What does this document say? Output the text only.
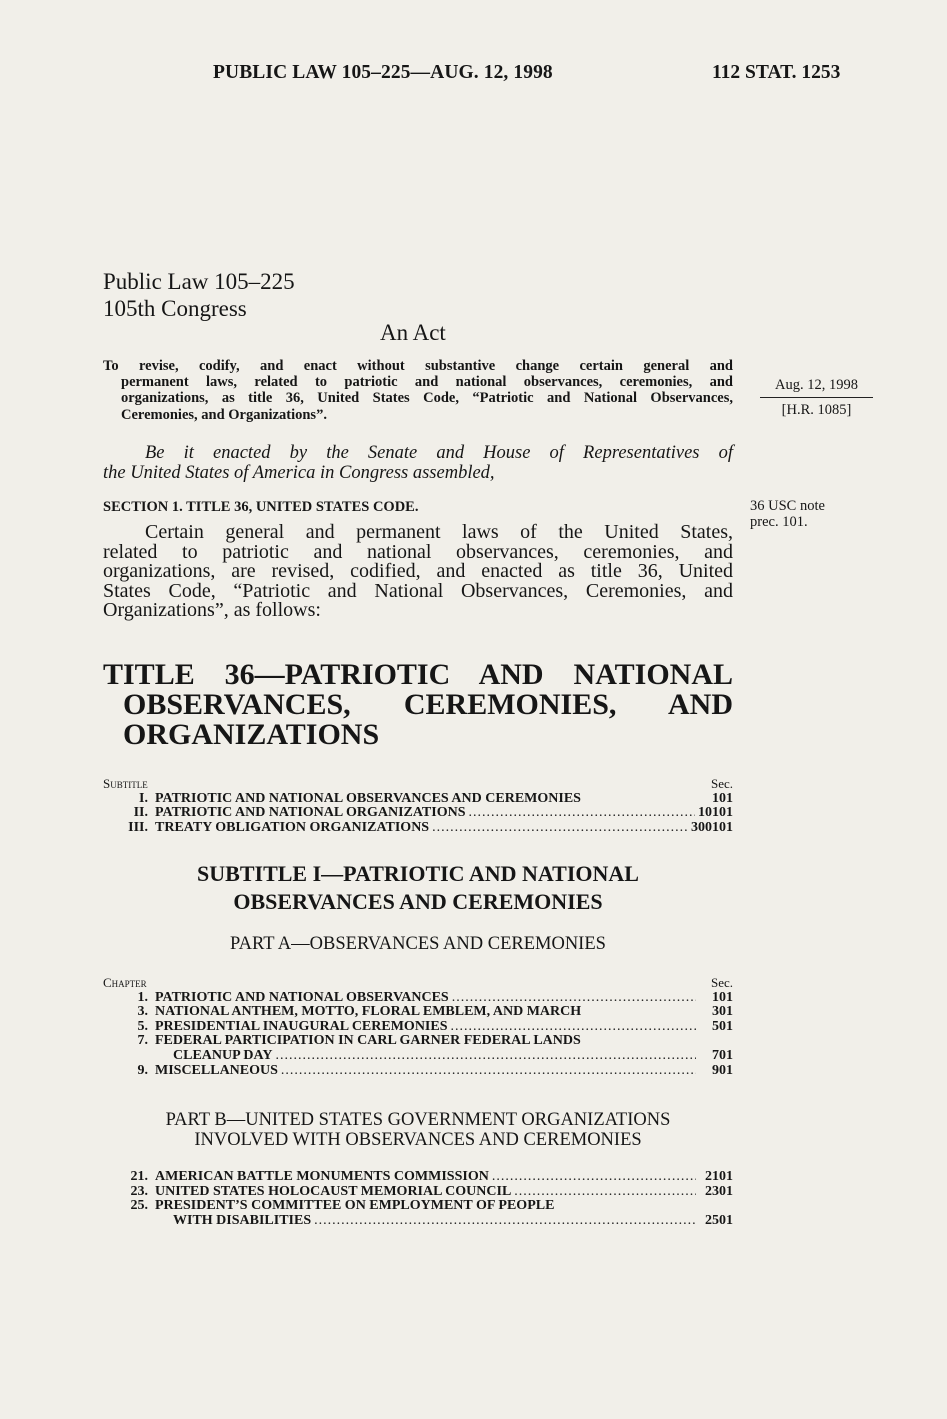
PUBLIC LAW 105–225—AUG. 12, 1998	112 STAT. 1253
Public Law 105–225
105th Congress
An Act
To revise, codify, and enact without substantive change certain general and
permanent laws, related to patriotic and national observances, ceremonies, and
organizations, as title 36, United States Code, “Patriotic and National Observances,
Ceremonies, and Organizations”.
Aug. 12, 1998
[H.R. 1085]
Be it enacted by the Senate and House of Representatives of
the United States of America in Congress assembled,
SECTION 1. TITLE 36, UNITED STATES CODE.	36 USC note
prec. 101.
Certain general and permanent laws of the United States,
related to patriotic and national observances, ceremonies, and
organizations, are revised, codified, and enacted as title 36, United
States Code, “Patriotic and National Observances, Ceremonies, and
Organizations”, as follows:
TITLE 36—PATRIOTIC AND NATIONAL
OBSERVANCES, CEREMONIES, AND
ORGANIZATIONS
Subtitle	Sec.
I. PATRIOTIC AND NATIONAL OBSERVANCES AND CEREMONIES	101
II. PATRIOTIC AND NATIONAL ORGANIZATIONS .....	10101
III. TREATY OBLIGATION ORGANIZATIONS .....	300101
SUBTITLE I—PATRIOTIC AND NATIONAL
OBSERVANCES AND CEREMONIES
PART A—OBSERVANCES AND CEREMONIES
Chapter	Sec.
1. PATRIOTIC AND NATIONAL OBSERVANCES .....	101
3. NATIONAL ANTHEM, MOTTO, FLORAL EMBLEM, AND MARCH	301
5. PRESIDENTIAL INAUGURAL CEREMONIES .....	501
7. FEDERAL PARTICIPATION IN CARL GARNER FEDERAL LANDS
CLEANUP DAY .....	701
9. MISCELLANEOUS .....	901
PART B—UNITED STATES GOVERNMENT ORGANIZATIONS
INVOLVED WITH OBSERVANCES AND CEREMONIES
21. AMERICAN BATTLE MONUMENTS COMMISSION .....	2101
23. UNITED STATES HOLOCAUST MEMORIAL COUNCIL .....	2301
25. PRESIDENT’S COMMITTEE ON EMPLOYMENT OF PEOPLE
WITH DISABILITIES .....	2501
